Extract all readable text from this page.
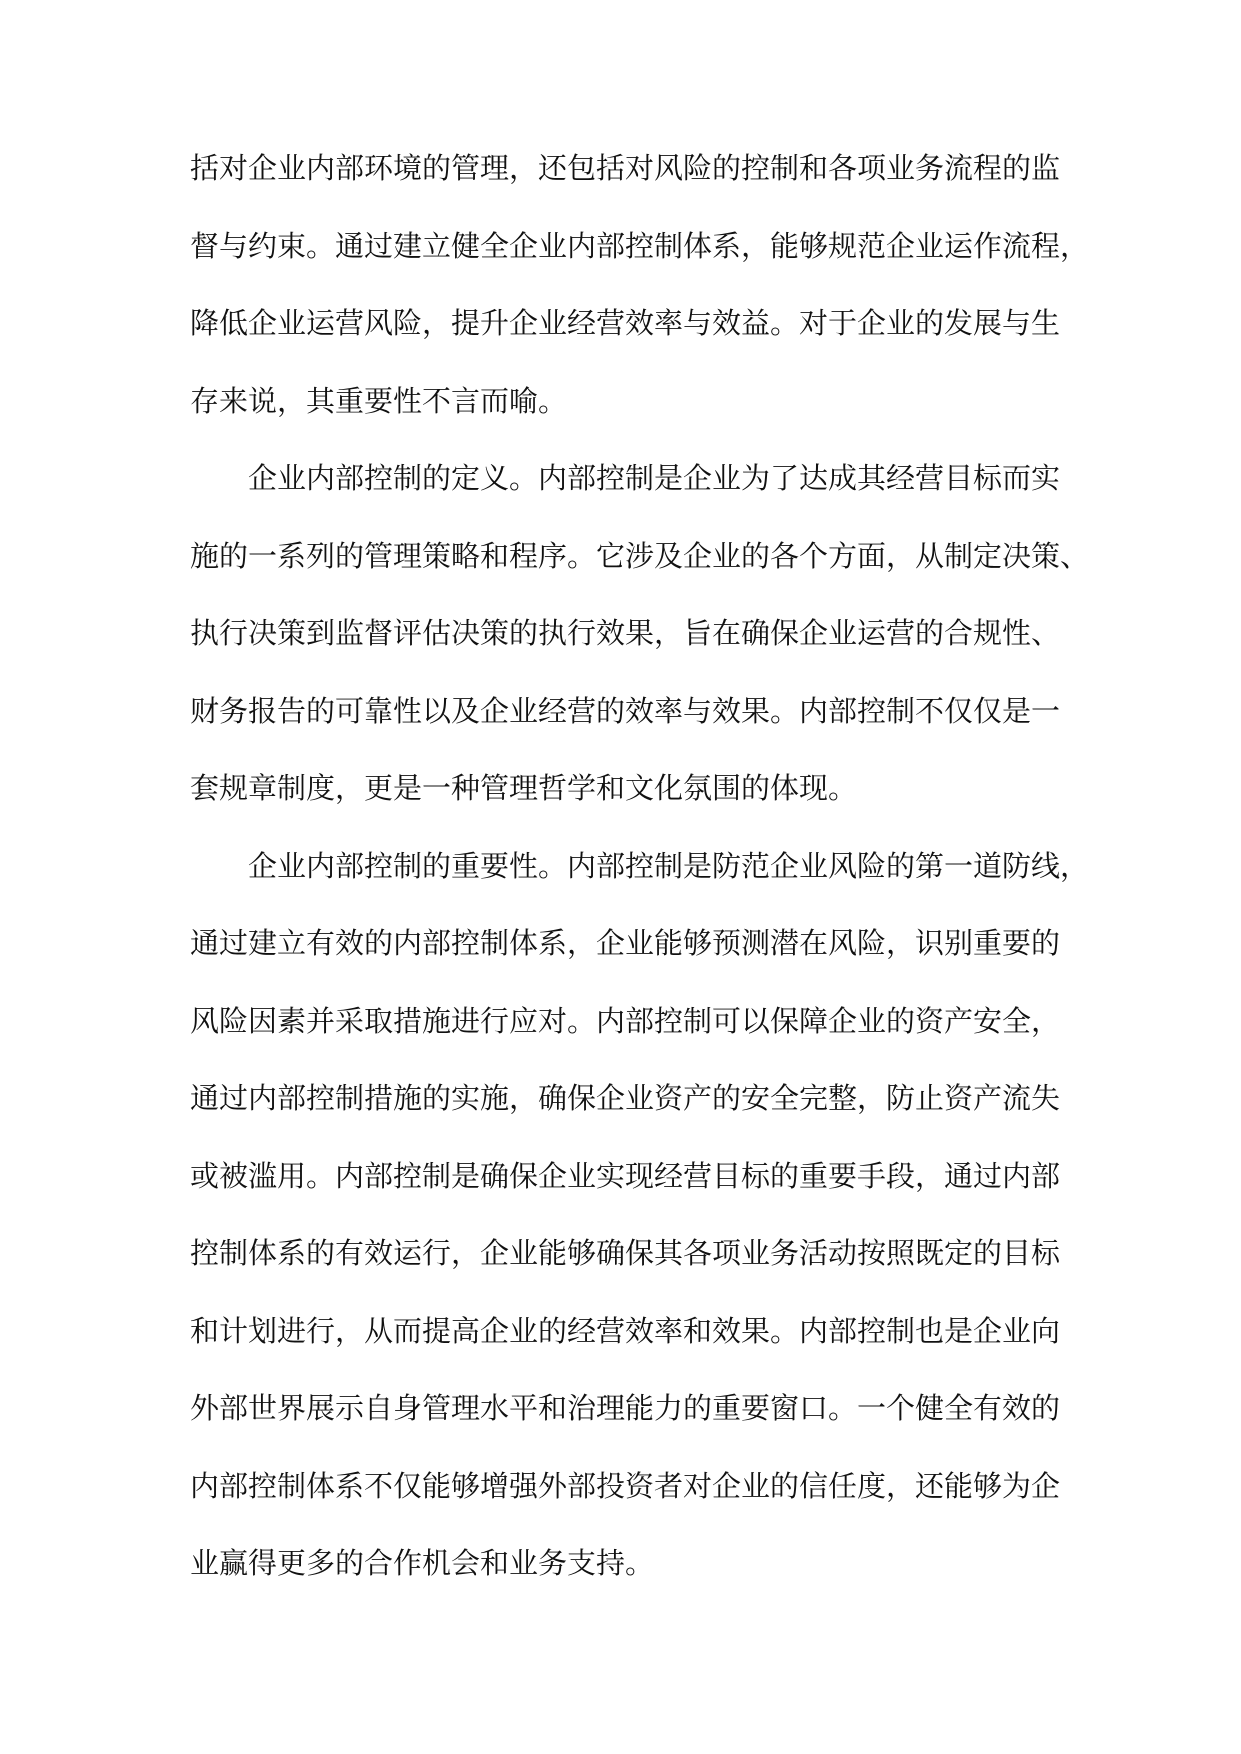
括对企业内部环境的管理，还包括对风险的控制和各项业务流程的监
督与约束。通过建立健全企业内部控制体系，能够规范企业运作流程，
降低企业运营风险，提升企业经营效率与效益。对于企业的发展与生
存来说，其重要性不言而喻。
企业内部控制的定义。内部控制是企业为了达成其经营目标而实
施的一系列的管理策略和程序。它涉及企业的各个方面，从制定决策、
执行决策到监督评估决策的执行效果，旨在确保企业运营的合规性、
财务报告的可靠性以及企业经营的效率与效果。内部控制不仅仅是一
套规章制度，更是一种管理哲学和文化氛围的体现。
企业内部控制的重要性。内部控制是防范企业风险的第一道防线，
通过建立有效的内部控制体系，企业能够预测潜在风险，识别重要的
风险因素并采取措施进行应对。内部控制可以保障企业的资产安全，
通过内部控制措施的实施，确保企业资产的安全完整，防止资产流失
或被滥用。内部控制是确保企业实现经营目标的重要手段，通过内部
控制体系的有效运行，企业能够确保其各项业务活动按照既定的目标
和计划进行，从而提高企业的经营效率和效果。内部控制也是企业向
外部世界展示自身管理水平和治理能力的重要窗口。一个健全有效的
内部控制体系不仅能够增强外部投资者对企业的信任度，还能够为企
业赢得更多的合作机会和业务支持。
